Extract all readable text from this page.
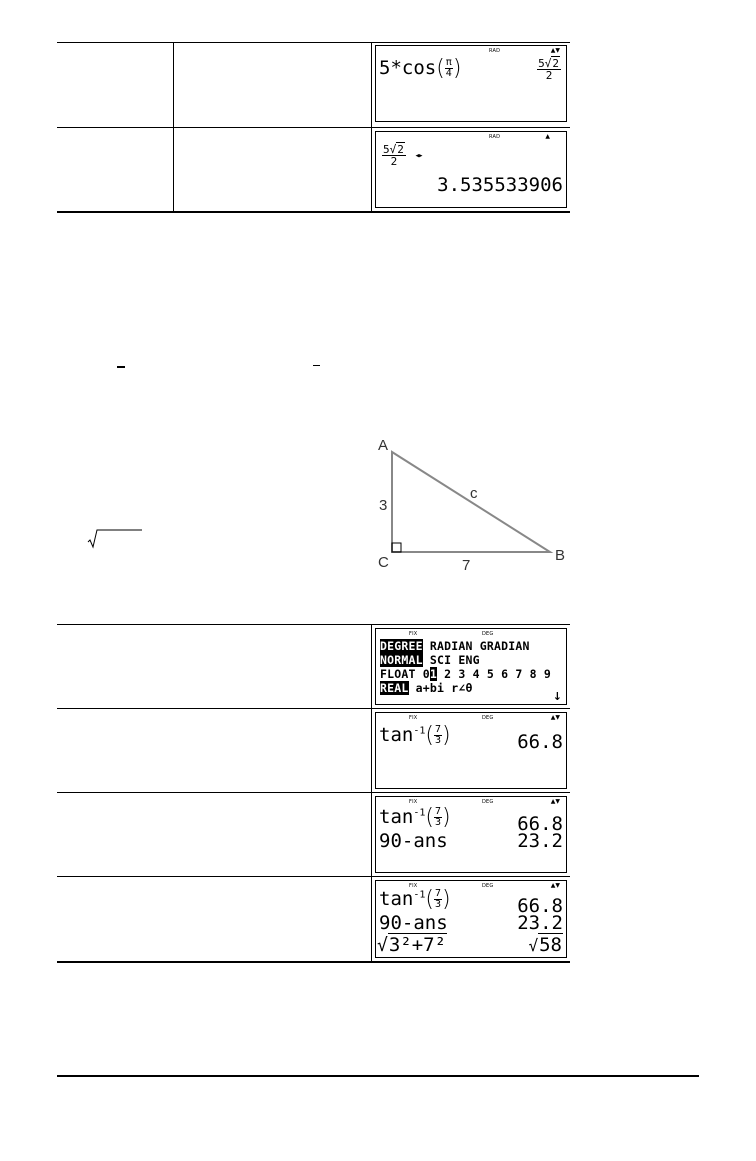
RAD	▲▼
$5*\cos( \frac{\pi}{4}$ )	$\frac{5√2}{2}$
RAD	▲
$\frac{5√2}{2}$ ◂▸
3.535533906
A
C	B
3
7
c
FIX	DEG
DEGREE RADIAN GRADIAN
NORMAL SCI ENG
FLOAT 01 2 3 4 5 6 7 8 9
REAL a+bi r∠θ
↓
FIX	DEG	▲▼
$\tan^{-1}( \frac{7}{3}$ )	66.8
FIX	DEG	▲▼
$\tan^{-1}( \frac{7}{3}$ )	66.8
90-ans	23.2
FIX	DEG	▲▼
$\tan^{-1}( \frac{7}{3}$ )	66.8
90-ans	23.2
√3²+7²	√58
